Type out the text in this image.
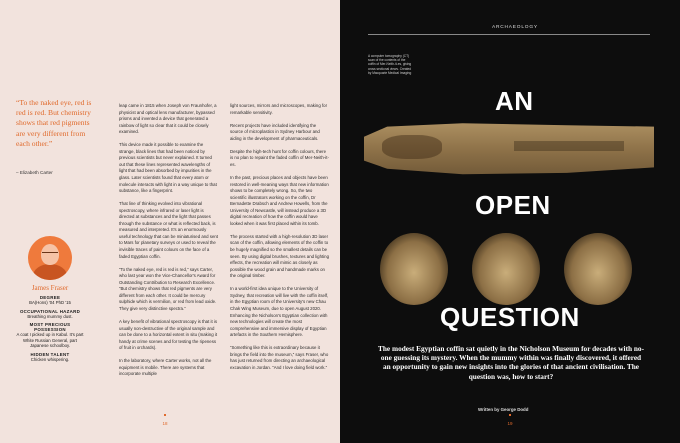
“To the naked eye, red is red is red. But chemistry shows that red pigments are very different from each other.”
– Elizabeth Carter
James Fraser
DEGREE
BA(Hons) '04 PhD '15
OCCUPATIONAL HAZARD
Breathing mummy dust.
MOST PRECIOUS POSSESSION
A coat I picked up in Kabul. It's part White Russian General, part Japanese schoolboy.
HIDDEN TALENT
Chicken whispering.
leap came in 1815 when Joseph von Fraunhofer, a physicist and optical lens manufacturer, bypassed prisms and invented a device that generated a rainbow of light so clear that it could be closely examined.

This device made it possible to examine the strange, black lines that had been noticed by previous scientists but never explained. It turned out that these lines represented wavelengths of light that had been absorbed by impurities in the glass. Later scientists found that every atom or molecule interacts with light in a way unique to that substance, like a fingerprint.

That line of thinking evolved into vibrational spectroscopy, where infrared or laser light is directed at substances and the light that passes through the substance or what is reflected back, is measured and interpreted. It's an enormously useful technology that can be miniaturised and sent to Mars for planetary surveys or used to reveal the invisible traces of paint colours on the face of a faded Egyptian coffin.

“To the naked eye, red is red is red,” says Carter, who last year won the Vice-Chancellor's Award for Outstanding Contribution to Research Excellence. “But chemistry shows that red pigments are very different from each other. It could be mercury sulphide which is vermilion, or red from lead oxide. They give very distinctive spectra.”

A key benefit of vibrational spectroscopy is that it is usually non-destructive of the original sample and can be done to a horizontal extent in situ (making it handy at crime scenes and for testing the ripeness of fruit in orchards).

In the laboratory, where Carter works, not all the equipment is mobile. There are systems that incorporate multiple
light sources, mirrors and microscopes, making for remarkable sensitivity.

Recent projects have included identifying the source of microplastics in Sydney Harbour and aiding in the development of pharmaceuticals.

Despite the high-tech hunt for coffin colours, there is no plan to repaint the faded coffin of Mer-Neith-it-es.

In the past, precious places and objects have been restored in well-meaning ways that new information shows to be completely wrong. So, the two scientific illustrators working on the coffin, Dr Bernadette Drabsch and Andrew Howells, from the University of Newcastle, will instead produce a 3D digital recreation of how the coffin would have looked when it was first placed within its tomb.

The process started with a high-resolution 3D laser scan of the coffin, allowing elements of the coffin to be hugely magnified so the smallest details can be seen. By using digital brushes, textures and lighting effects, the recreation will mimic as closely as possible the wood grain and handmade marks on the original timber.

In a world-first idea unique to the University of Sydney, that recreation will live with the coffin itself, in the Egyptian room of the University's new Chau Chak Wing Museum, due to open August 2020. Enhancing the Nicholson's Egyptian collection with new technologies will create the most comprehensive and immersive display of Egyptian artefacts in the Southern Hemisphere.

“Something like this is extraordinary because it brings the field into the museum,” says Fraser, who has just returned from directing an archaeological excavation in Jordan. “And I love doing field work.”
18
ARCHAEOLOGY
A computer tomography (CT) scan of the contents of the coffin of Mer-Neith-it-es, giving cross sectional views. Created by Macquarie Medical Imaging
AN
OPEN
QUESTION
The modest Egyptian coffin sat quietly in the Nicholson Museum for decades with no-one guessing its mystery. When the mummy within was finally discovered, it offered an opportunity to gain new insights into the glories of that ancient civilisation. The question was, how to start?
Written by George Dodd
19
